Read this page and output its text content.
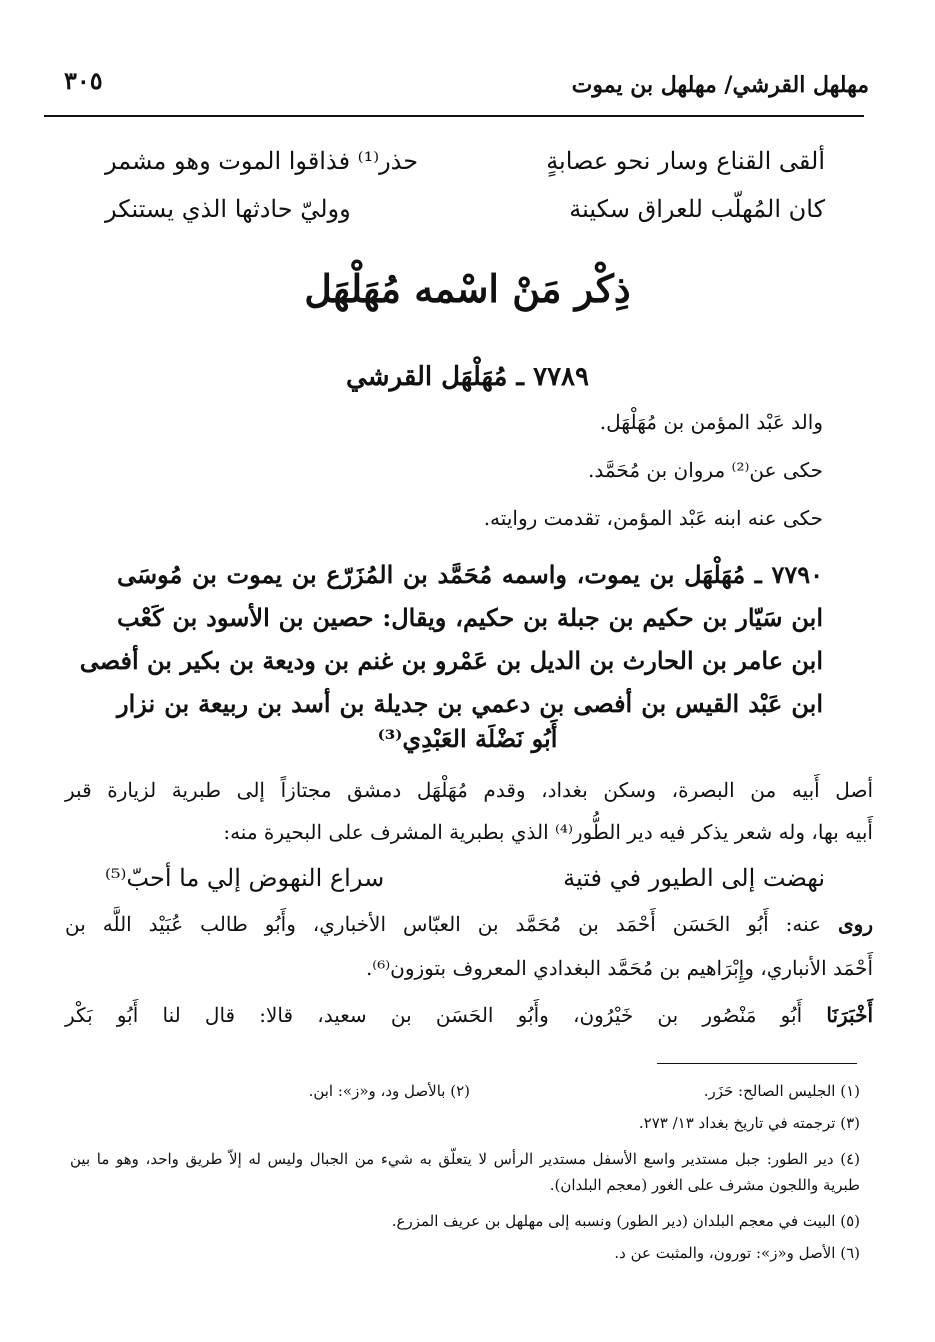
مهلهل القرشي/ مهلهل بن يموت
٣٠٥
ألقى القناع وسار نحو عصابةٍ
حذر⁽¹⁾ فذاقوا الموت وهو مشمر
كان المُهلّب للعراق سكينة
ووليّ حادثها الذي يستنكر
ذِكْر مَنْ اسْمه مُهَلْهَل
٧٧٨٩ ـ مُهَلْهَل القرشي
والد عَبْد المؤمن بن مُهَلْهَل.
حكى عن⁽²⁾ مروان بن مُحَمَّد.
حكى عنه ابنه عَبْد المؤمن، تقدمت روايته.
٧٧٩٠ ـ مُهَلْهَل بن يموت، واسمه مُحَمَّد بن المُزَرّع بن يموت بن مُوسَى
ابن سَيّار بن حكيم بن جبلة بن حكيم، ويقال: حصين بن الأسود بن كَعْب
ابن عامر بن الحارث بن الديل بن عَمْرو بن غنم بن وديعة بن بكير بن أفصى
ابن عَبْد القيس بن أفصى بن دعمي بن جديلة بن أسد بن ربيعة بن نزار
أَبُو نَضْلَة العَبْدِي⁽³⁾
أصل أَبيه من البصرة، وسكن بغداد، وقدم مُهَلْهَل دمشق مجتازاً إلى طبرية لزيارة قبر
أَبيه بها، وله شعر يذكر فيه دير الطُّور⁽⁴⁾ الذي بطبرية المشرف على البحيرة منه:
نهضت إلى الطيور في فتية
سراع النهوض إلي ما أحبّ⁽⁵⁾
روى عنه: أَبُو الحَسَن أَحْمَد بن مُحَمَّد بن العبّاس الأخباري، وأَبُو طالب عُبَيْد اللَّه بن
أَحْمَد الأنباري، وإِبْرَاهيم بن مُحَمَّد البغدادي المعروف بتوزون⁽⁶⁾.
أَخْبَرَنَا أَبُو مَنْصُور بن خَيْرُون، وأَبُو الحَسَن بن سعيد، قالا: قال لنا أَبُو بَكْر
(١) الجليس الصالح: حَزَر.
(٢) بالأصل ود، و«ز»: ابن.
(٣) ترجمته في تاريخ بغداد ١٣/ ٢٧٣.
(٤) دير الطور: جبل مستدير واسع الأسفل مستدير الرأس لا يتعلّق به شيء من الجبال وليس له إلاّ طريق واحد، وهو ما بين طبرية واللجون مشرف على الغور (معجم البلدان).
(٥) البيت في معجم البلدان (دير الطور) ونسبه إلى مهلهل بن عريف المزرع.
(٦) الأصل و«ز»: تورون، والمثبت عن د.
